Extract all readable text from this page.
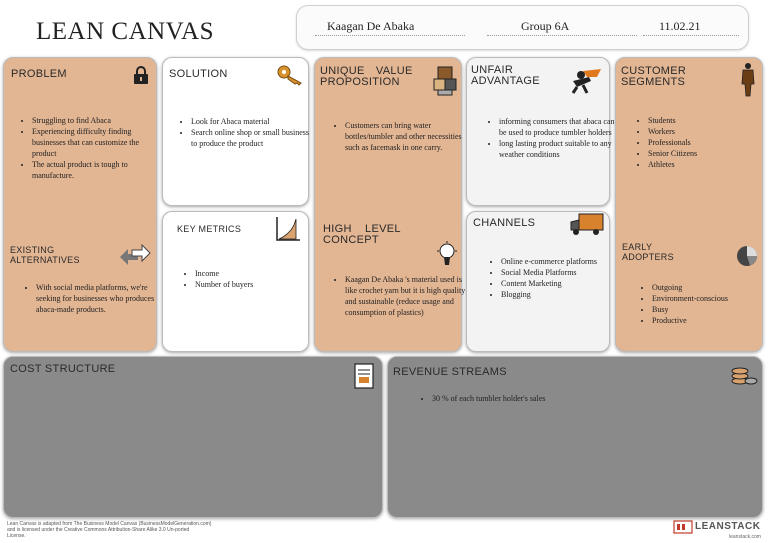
LEAN CANVAS	Kaagan De Abaka	Group 6A	11.02.21
PROBLEM
• Struggling to find Abaca
• Experiencing difficulty finding businesses that can customize the product
• The actual product is tough to manufacture.
EXISTING
ALTERNATIVES
• With social media platforms, we're seeking for businesses who produces abaca-made products.
SOLUTION
• Look for Abaca material
• Search online shop or small business to produce the product
KEY METRICS
• Income
• Number of buyers
UNIQUE VALUE
PROPOSITION
• Customers can bring water bottles/tumbler and other necessities such as facemask in one carry.
HIGH LEVEL
CONCEPT
• Kaagan De Abaka 's material used is like crochet yarn but it is high quality and sustainable (reduce usage and consumption of plastics)
UNFAIR
ADVANTAGE
• informing consumers that abaca can be used to produce tumbler holders
• long lasting product suitable to any weather conditions
CHANNELS
• Online e-commerce platforms
• Social Media Platforms
• Content Marketing
• Blogging
CUSTOMER
SEGMENTS
• Students
• Workers
• Professionals
• Senior Citizens
• Athletes
EARLY
ADOPTERS
• Outgoing
• Environment-conscious
• Busy
• Productive
COST STRUCTURE	REVENUE STREAMS
• 30 % of each tumbler holder's sales
Lean Canvas is adapted from The Business Model Canvas (BusinessModelGeneration.com)
and is licensed under the Creative Commons Attribution-Share Alike 3.0 Un-ported
License.
LEANSTACK
leanstack.com
